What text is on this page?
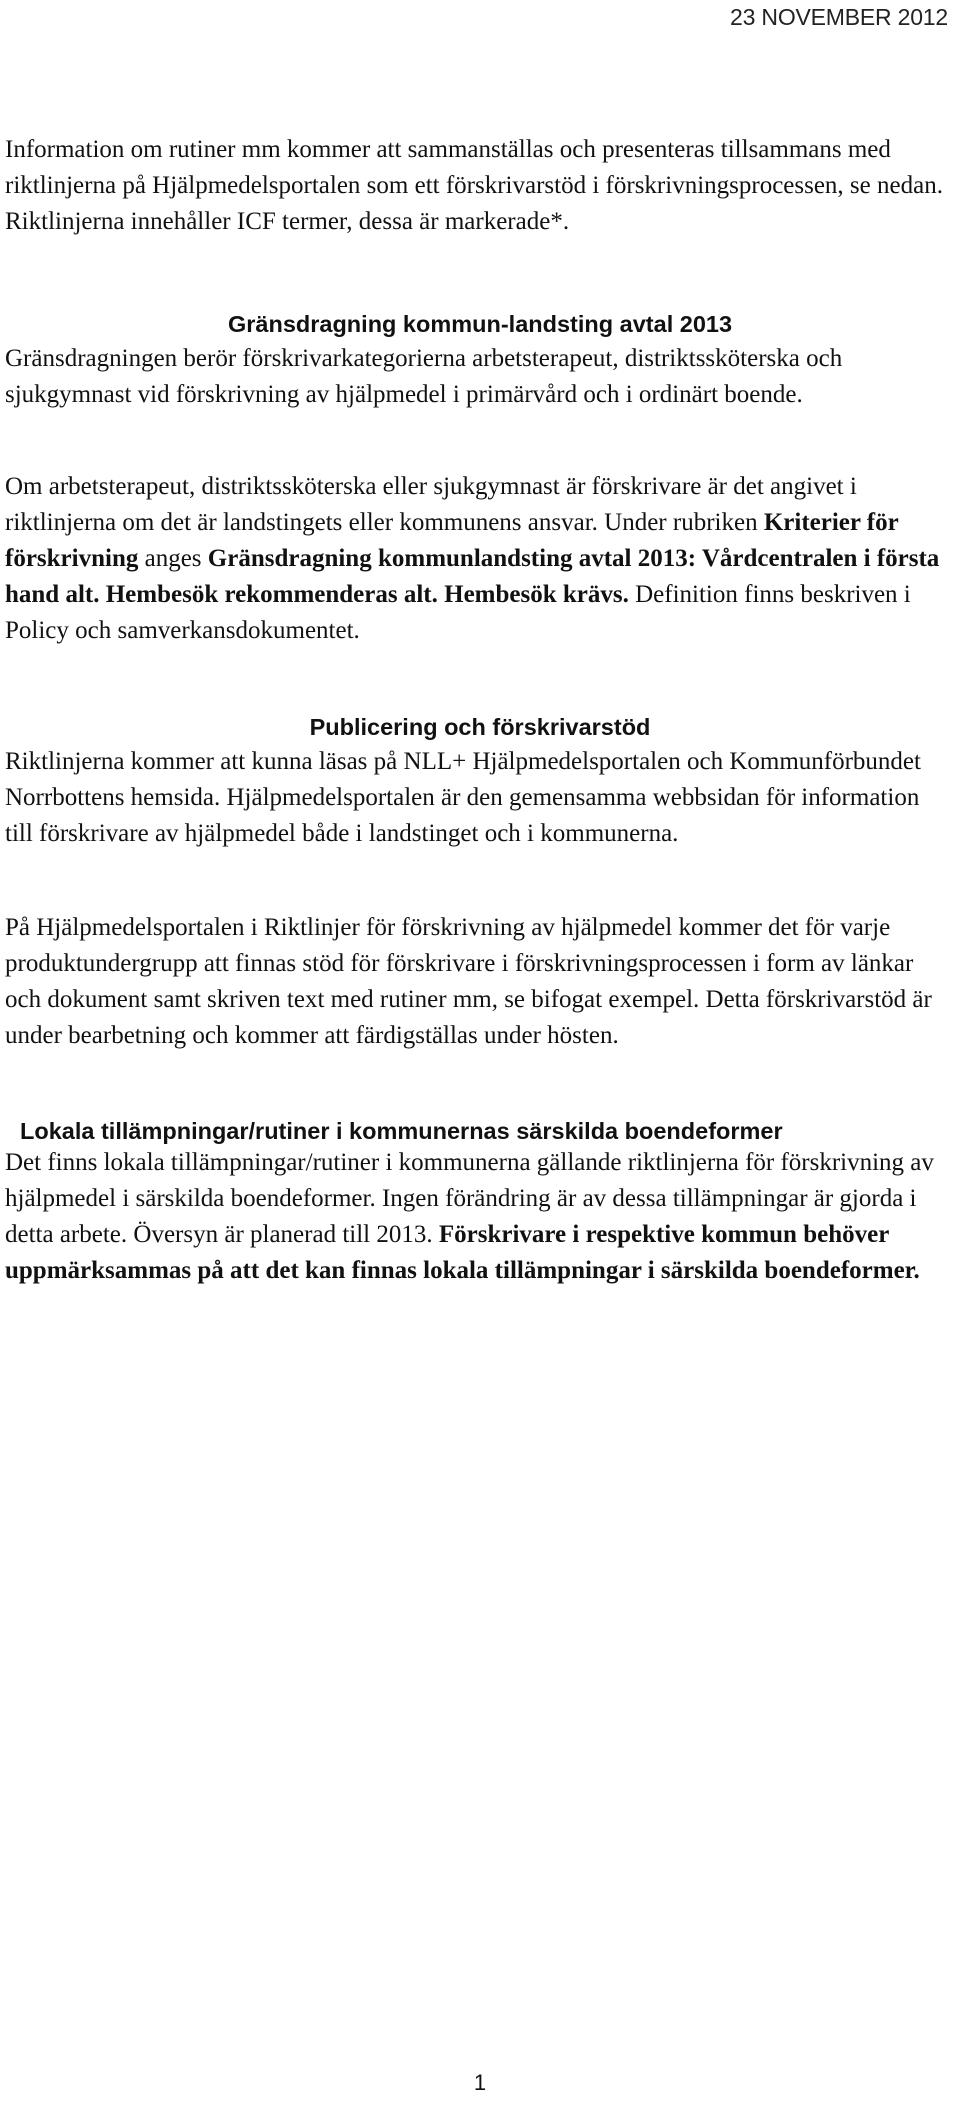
23 NOVEMBER 2012

Information om rutiner mm kommer att sammanställas och presenteras tillsammans med riktlinjerna på Hjälpmedelsportalen som ett förskrivarstöd i förskrivningsprocessen, se nedan. Riktlinjerna innehåller ICF termer, dessa är markerade*.

Gränsdragning kommun-landsting avtal 2013

Gränsdragningen berör förskrivarkategorierna arbetsterapeut, distriktssköterska och sjukgymnast vid förskrivning av hjälpmedel i primärvård och i ordinärt boende.

Om arbetsterapeut, distriktssköterska eller sjukgymnast är förskrivare är det angivet i riktlinjerna om det är landstingets eller kommunens ansvar. Under rubriken Kriterier för förskrivning anges Gränsdragning kommunlandsting avtal 2013: Vårdcentralen i första hand alt. Hembesök rekommenderas alt. Hembesök krävs. Definition finns beskriven i Policy och samverkansdokumentet.

Publicering och förskrivarstöd

Riktlinjerna kommer att kunna läsas på NLL+ Hjälpmedelsportalen och Kommunförbundet Norrbottens hemsida. Hjälpmedelsportalen är den gemensamma webbsidan för information till förskrivare av hjälpmedel både i landstinget och i kommunerna.

På Hjälpmedelsportalen i Riktlinjer för förskrivning av hjälpmedel kommer det för varje produktundergrupp att finnas stöd för förskrivare i förskrivningsprocessen i form av länkar och dokument samt skriven text med rutiner mm, se bifogat exempel. Detta förskrivarstöd är under bearbetning och kommer att färdigställas under hösten.

Lokala tillämpningar/rutiner i kommunernas särskilda boendeformer

Det finns lokala tillämpningar/rutiner i kommunerna gällande riktlinjerna för förskrivning av hjälpmedel i särskilda boendeformer. Ingen förändring är av dessa tillämpningar är gjorda i detta arbete. Översyn är planerad till 2013. Förskrivare i respektive kommun behöver uppmärksammas på att det kan finnas lokala tillämpningar i särskilda boendeformer.

1
